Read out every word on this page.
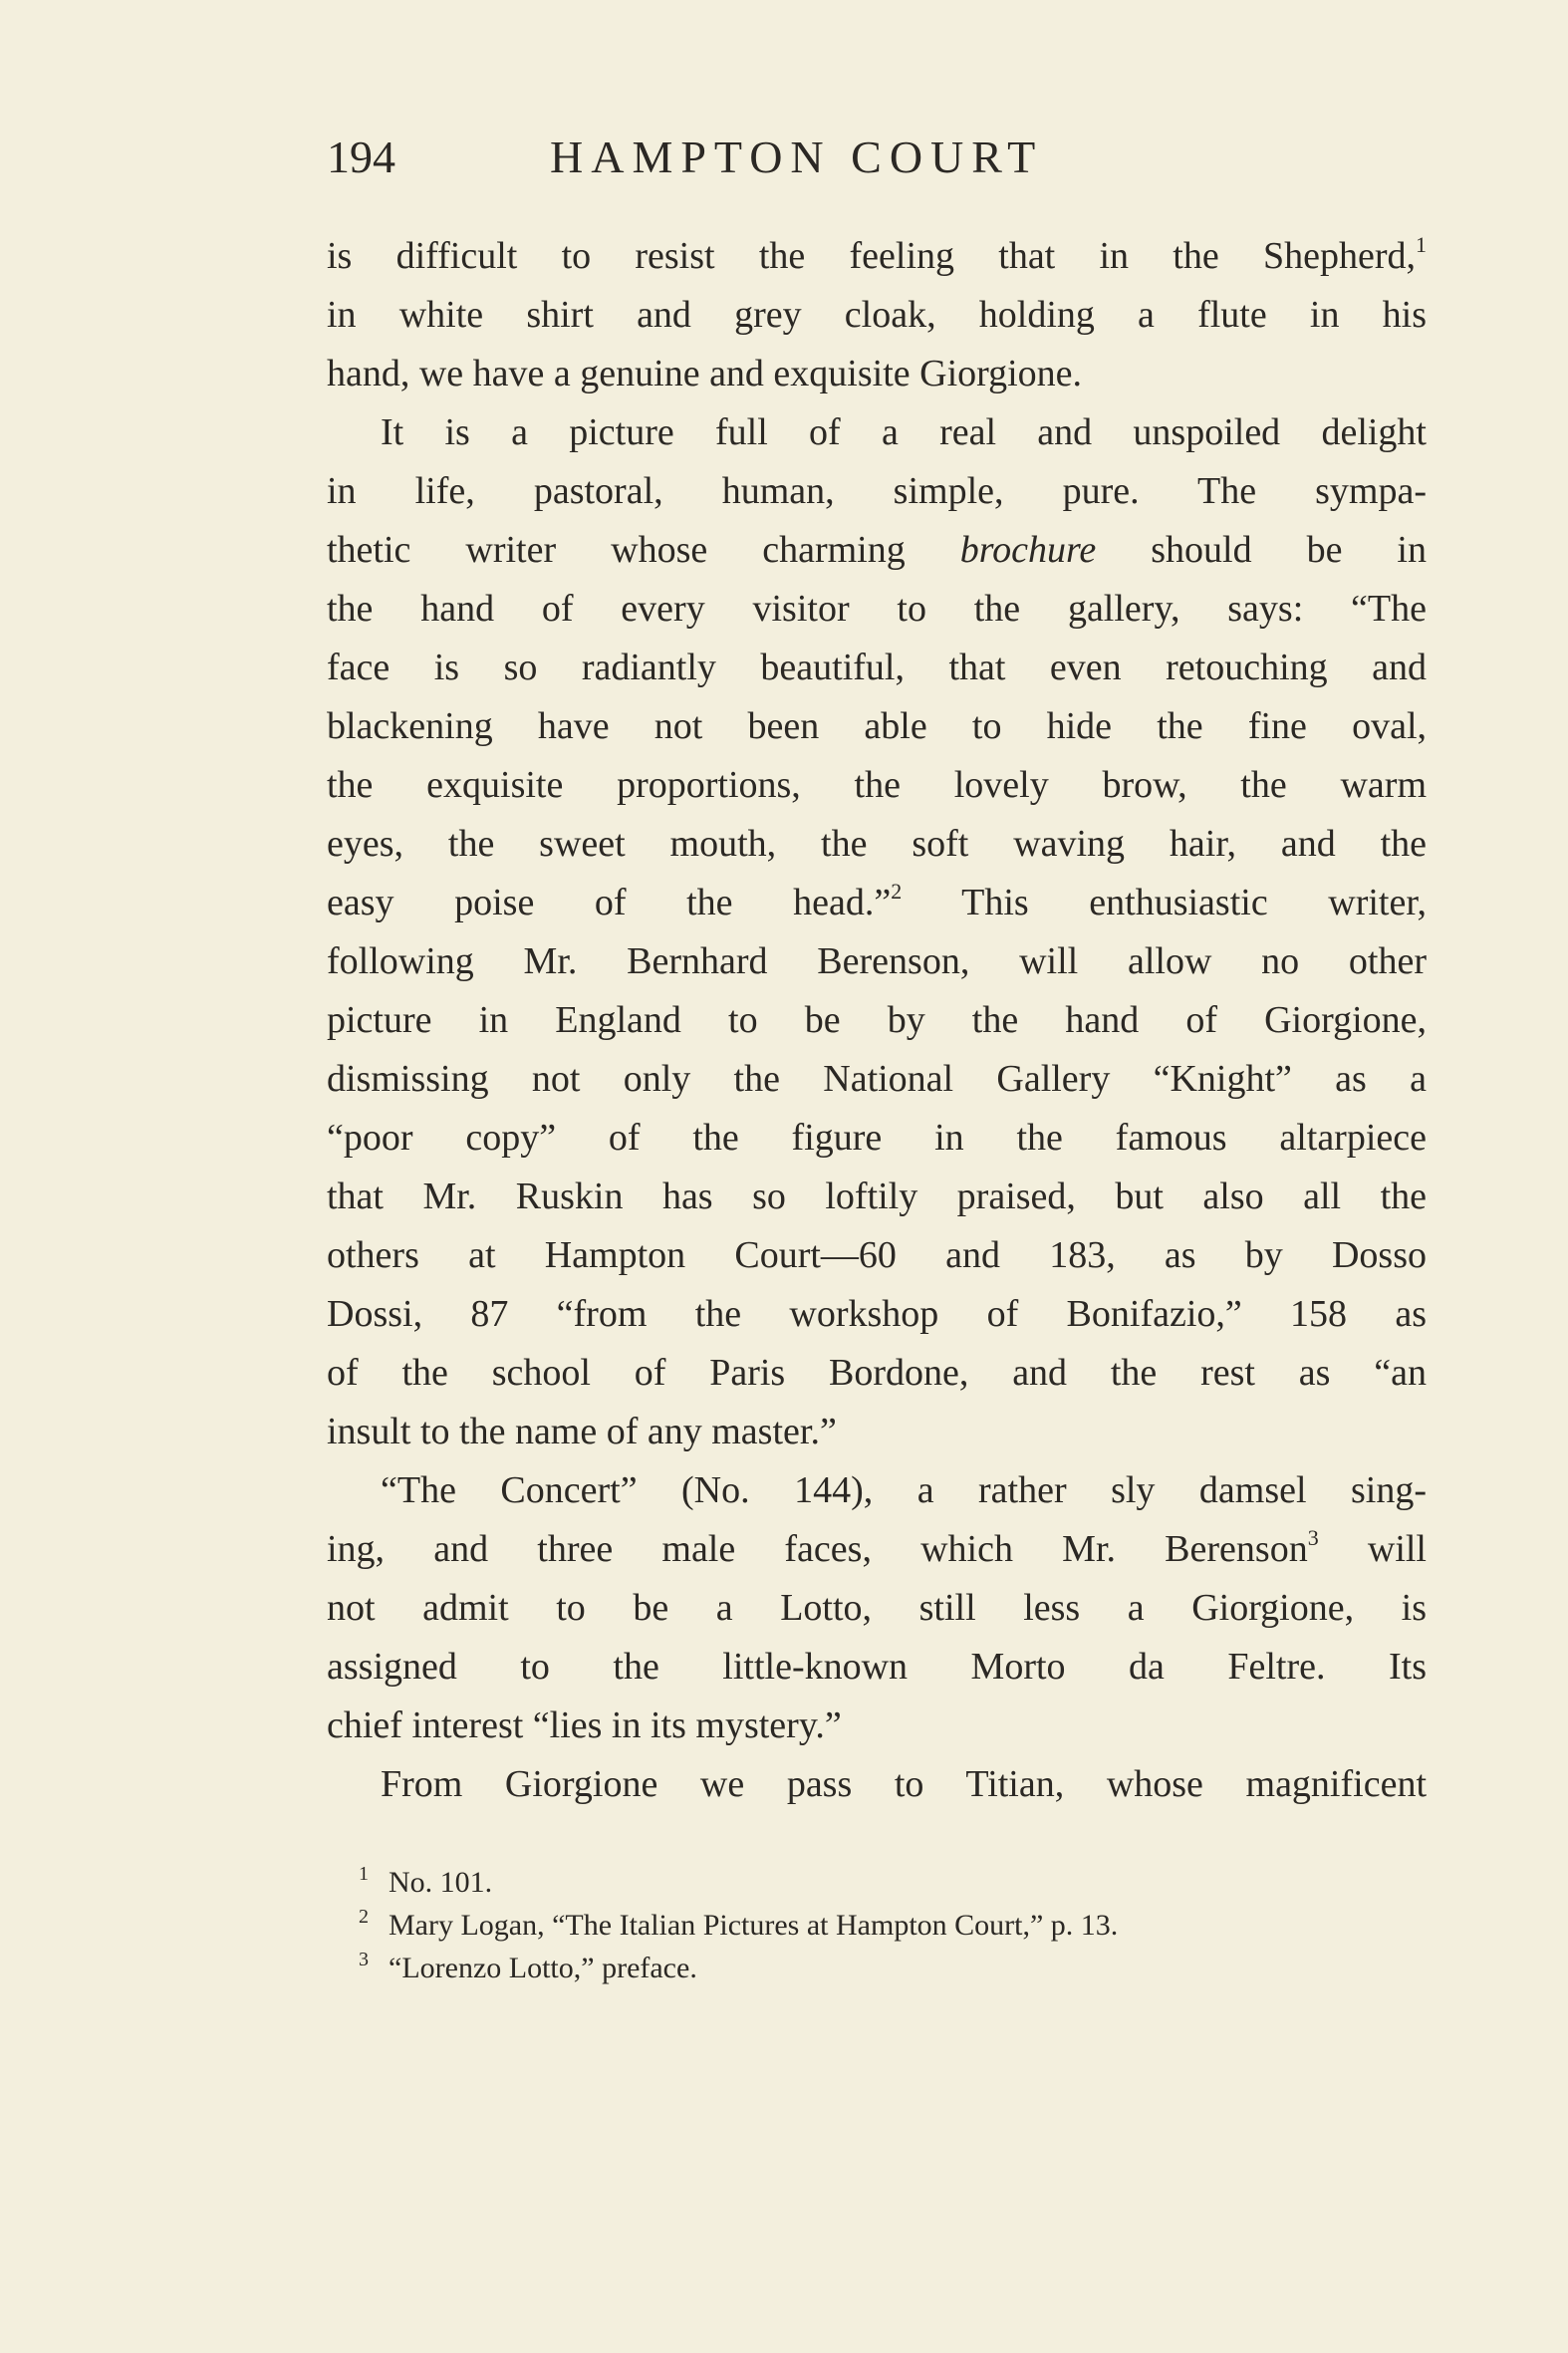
194	HAMPTON COURT
is difficult to resist the feeling that in the Shepherd,$^1$
in white shirt and grey cloak, holding a flute in his
hand, we have a genuine and exquisite Giorgione.
It is a picture full of a real and unspoiled delight
in life, pastoral, human, simple, pure. The sympa-
thetic writer whose charming brochure should be in
the hand of every visitor to the gallery, says: “The
face is so radiantly beautiful, that even retouching and
blackening have not been able to hide the fine oval,
the exquisite proportions, the lovely brow, the warm
eyes, the sweet mouth, the soft waving hair, and the
easy poise of the head.”$^2$ This enthusiastic writer,
following Mr. Bernhard Berenson, will allow no other
picture in England to be by the hand of Giorgione,
dismissing not only the National Gallery “Knight” as a
“poor copy” of the figure in the famous altarpiece
that Mr. Ruskin has so loftily praised, but also all the
others at Hampton Court—60 and 183, as by Dosso
Dossi, 87 “from the workshop of Bonifazio,” 158 as
of the school of Paris Bordone, and the rest as “an
insult to the name of any master.”
“The Concert” (No. 144), a rather sly damsel sing-
ing, and three male faces, which Mr. Berenson$^3$ will
not admit to be a Lotto, still less a Giorgione, is
assigned to the little-known Morto da Feltre. Its
chief interest “lies in its mystery.”
From Giorgione we pass to Titian, whose magnificent
1 No. 101.
2 Mary Logan, “The Italian Pictures at Hampton Court,” p. 13.
3 “Lorenzo Lotto,” preface.
